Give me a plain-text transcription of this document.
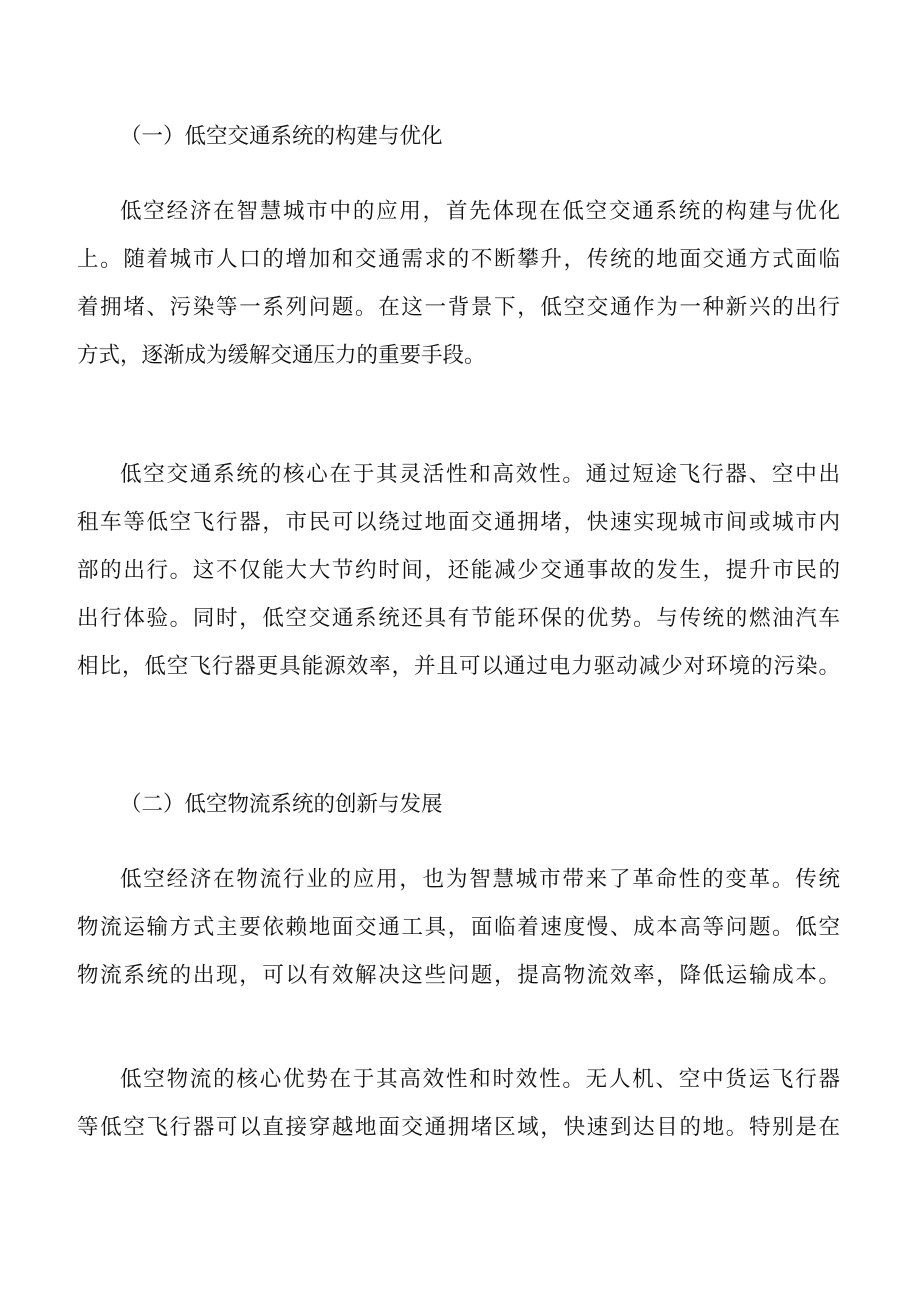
（一）低空交通系统的构建与优化
低空经济在智慧城市中的应用，首先体现在低空交通系统的构建与优化
上。随着城市人口的增加和交通需求的不断攀升，传统的地面交通方式面临
着拥堵、污染等一系列问题。在这一背景下，低空交通作为一种新兴的出行
方式，逐渐成为缓解交通压力的重要手段。
低空交通系统的核心在于其灵活性和高效性。通过短途飞行器、空中出
租车等低空飞行器，市民可以绕过地面交通拥堵，快速实现城市间或城市内
部的出行。这不仅能大大节约时间，还能减少交通事故的发生，提升市民的
出行体验。同时，低空交通系统还具有节能环保的优势。与传统的燃油汽车
相比，低空飞行器更具能源效率，并且可以通过电力驱动减少对环境的污染。
（二）低空物流系统的创新与发展
低空经济在物流行业的应用，也为智慧城市带来了革命性的变革。传统
物流运输方式主要依赖地面交通工具，面临着速度慢、成本高等问题。低空
物流系统的出现，可以有效解决这些问题，提高物流效率，降低运输成本。
低空物流的核心优势在于其高效性和时效性。无人机、空中货运飞行器
等低空飞行器可以直接穿越地面交通拥堵区域，快速到达目的地。特别是在
